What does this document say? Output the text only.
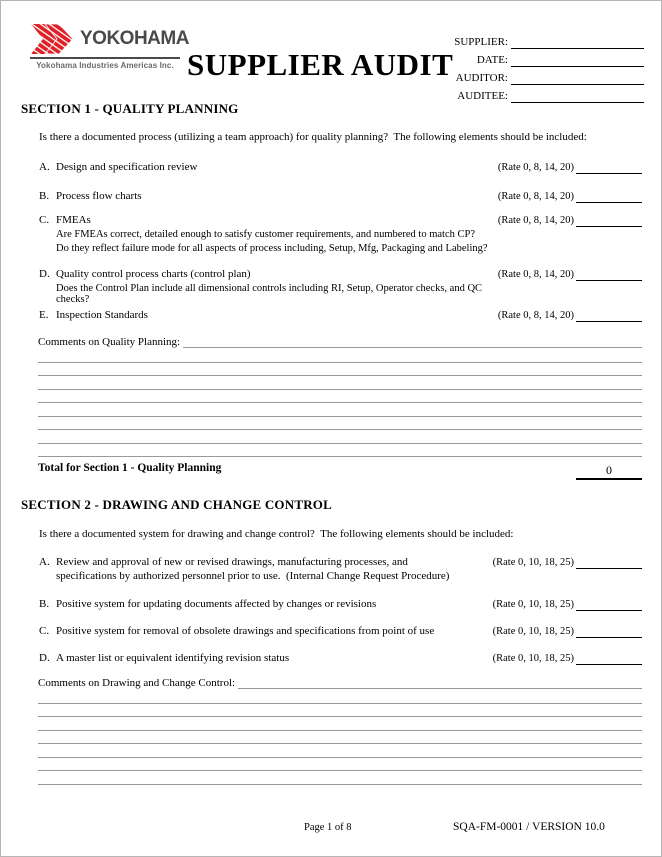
YOKOHAMA
Yokohama Industries Americas Inc. SUPPLIER AUDIT
SUPPLIER:
DATE:
AUDITOR:
AUDITEE:
SECTION 1 - QUALITY PLANNING
Is there a documented process (utilizing a team approach) for quality planning?  The following elements should be included:
A. Design and specification review	(Rate 0, 8, 14, 20)
B. Process flow charts	(Rate 0, 8, 14, 20)
C. FMEAs	(Rate 0, 8, 14, 20)
Are FMEAs correct, detailed enough to satisfy customer requirements, and numbered to match CP?
Do they reflect failure mode for all aspects of process including, Setup, Mfg, Packaging and Labeling?
D. Quality control process charts (control plan)	(Rate 0, 8, 14, 20)
Does the Control Plan include all dimensional controls including RI, Setup, Operator checks, and QC checks?
E. Inspection Standards	(Rate 0, 8, 14, 20)
Comments on Quality Planning:
Total for Section 1 - Quality Planning	0
SECTION 2 - DRAWING AND CHANGE CONTROL
Is there a documented system for drawing and change control?  The following elements should be included:
A. Review and approval of new or revised drawings, manufacturing processes, and	(Rate 0, 10, 18, 25)
specifications by authorized personnel prior to use.  (Internal Change Request Procedure)
B. Positive system for updating documents affected by changes or revisions	(Rate 0, 10, 18, 25)
C. Positive system for removal of obsolete drawings and specifications from point of use	(Rate 0, 10, 18, 25)
D. A master list or equivalent identifying revision status	(Rate 0, 10, 18, 25)
Comments on Drawing and Change Control:
Page 1 of 8	SQA-FM-0001 / VERSION 10.0
